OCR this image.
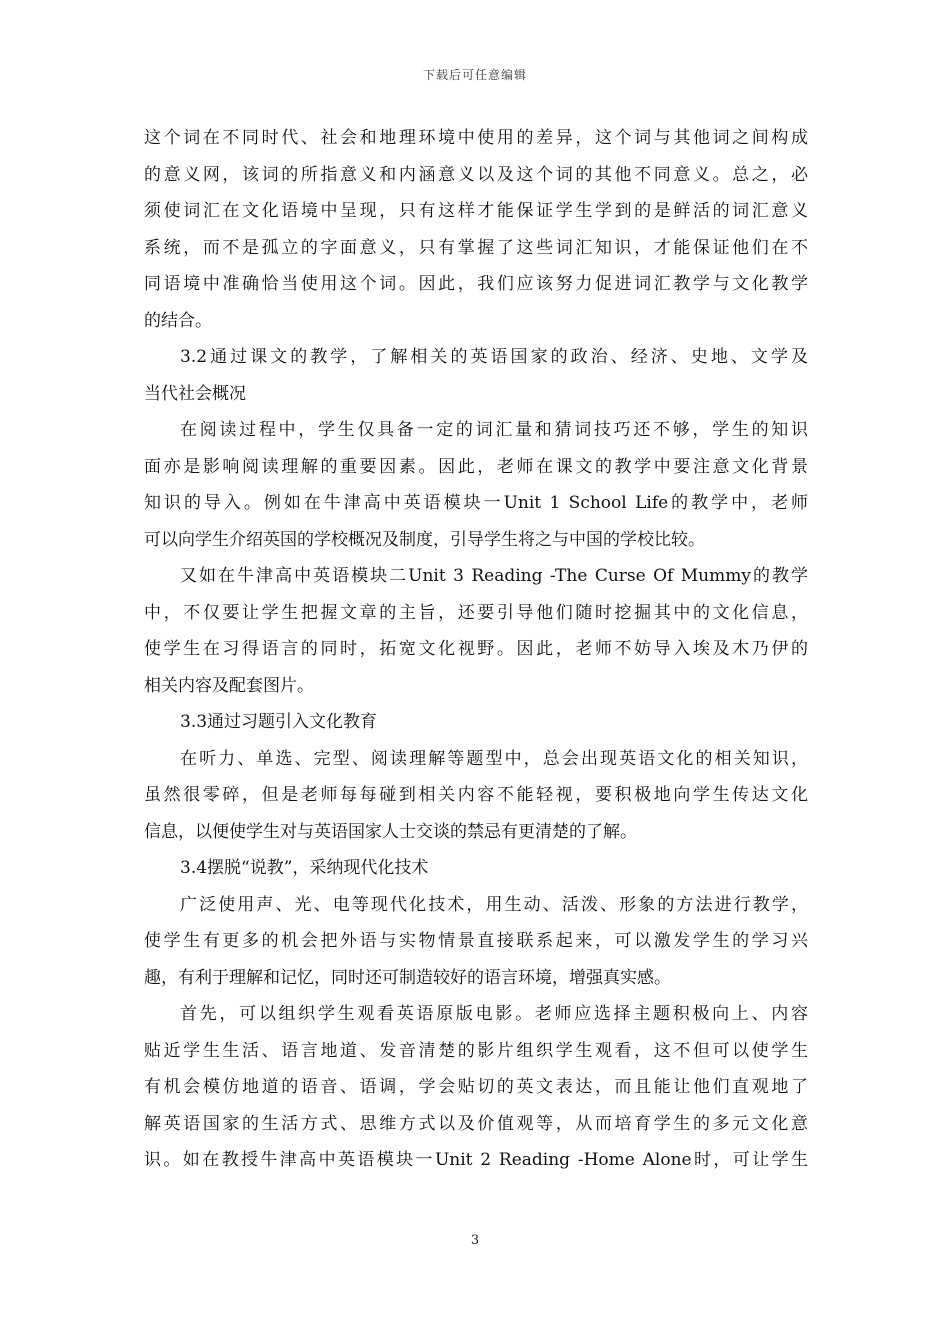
下载后可任意编辑
这个词在不同时代、社会和地理环境中使用的差异，这个词与其他词之间构成
的意义网，该词的所指意义和内涵意义以及这个词的其他不同意义。总之，必
须使词汇在文化语境中呈现，只有这样才能保证学生学到的是鲜活的词汇意义
系统，而不是孤立的字面意义，只有掌握了这些词汇知识，才能保证他们在不
同语境中准确恰当使用这个词。因此，我们应该努力促进词汇教学与文化教学
的结合。
3.2通过课文的教学，了解相关的英语国家的政治、经济、史地、文学及
当代社会概况
在阅读过程中，学生仅具备一定的词汇量和猜词技巧还不够，学生的知识
面亦是影响阅读理解的重要因素。因此，老师在课文的教学中要注意文化背景
知识的导入。例如在牛津高中英语模块一Unit 1 School Life的教学中，老师
可以向学生介绍英国的学校概况及制度，引导学生将之与中国的学校比较。
又如在牛津高中英语模块二Unit 3 Reading -The Curse Of Mummy的教学
中，不仅要让学生把握文章的主旨，还要引导他们随时挖掘其中的文化信息，
使学生在习得语言的同时，拓宽文化视野。因此，老师不妨导入埃及木乃伊的
相关内容及配套图片。
3.3通过习题引入文化教育
在听力、单选、完型、阅读理解等题型中，总会出现英语文化的相关知识，
虽然很零碎，但是老师每每碰到相关内容不能轻视，要积极地向学生传达文化
信息，以便使学生对与英语国家人士交谈的禁忌有更清楚的了解。
3.4摆脱“说教”，采纳现代化技术
广泛使用声、光、电等现代化技术，用生动、活泼、形象的方法进行教学，
使学生有更多的机会把外语与实物情景直接联系起来，可以激发学生的学习兴
趣，有利于理解和记忆，同时还可制造较好的语言环境，增强真实感。
首先，可以组织学生观看英语原版电影。老师应选择主题积极向上、内容
贴近学生生活、语言地道、发音清楚的影片组织学生观看，这不但可以使学生
有机会模仿地道的语音、语调，学会贴切的英文表达，而且能让他们直观地了
解英语国家的生活方式、思维方式以及价值观等，从而培育学生的多元文化意
识。如在教授牛津高中英语模块一Unit 2 Reading -Home Alone时，可让学生
3
